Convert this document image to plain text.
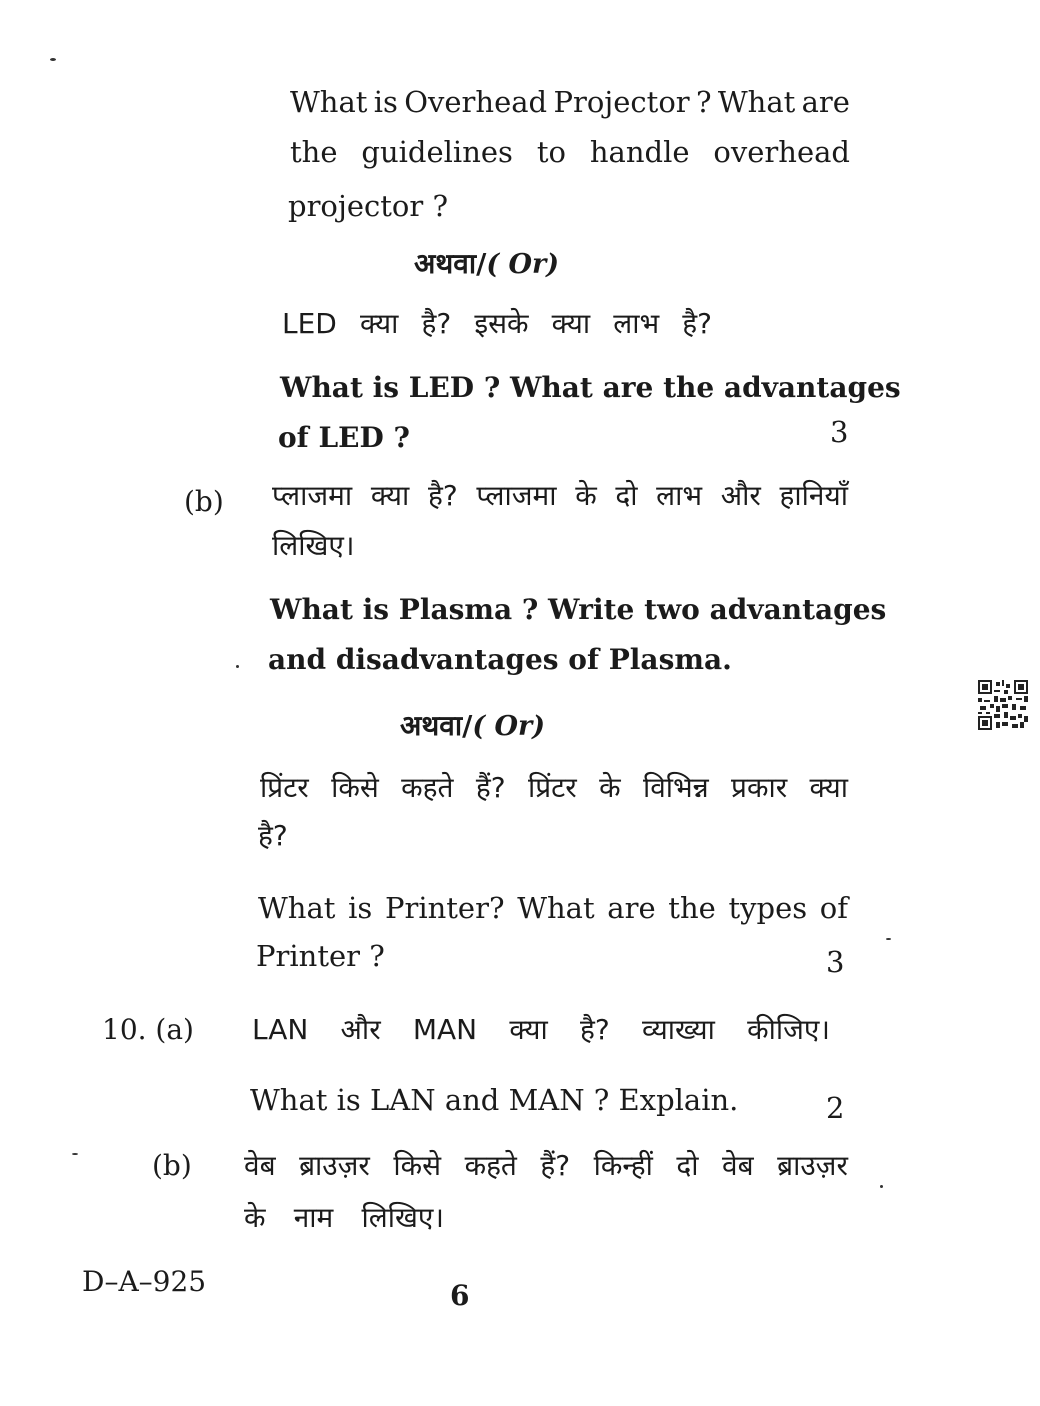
What is Overhead Projector ? What are
the guidelines to handle overhead
projector ?
अथवा/( Or)
LED क्या है? इसके क्या लाभ है?
What is LED ? What are the advantages
of LED ?	3
(b) प्लाजमा क्या है? प्लाजमा के दो लाभ और हानियाँ
लिखिए।
What is Plasma ? Write two advantages
and disadvantages of Plasma.
अथवा/( Or)
प्रिंटर किसे कहते हैं? प्रिंटर के विभिन्न प्रकार क्या
है?
What is Printer? What are the types of
Printer ?	3
10. (a) LAN और MAN क्या है? व्याख्या कीजिए।
What is LAN and MAN ? Explain.	2
(b) वेब ब्राउज़र किसे कहते हैं? किन्हीं दो वेब ब्राउज़र
के नाम लिखिए।
D–A–925	6
